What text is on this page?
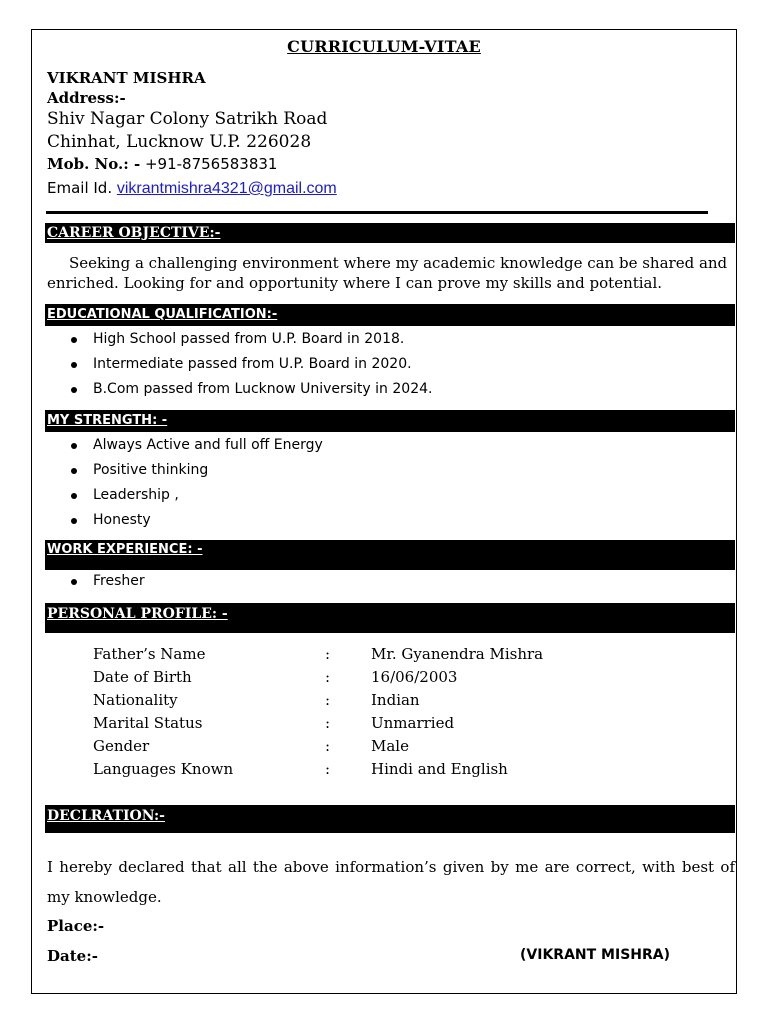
CURRICULUM-VITAE
VIKRANT MISHRA
Address:-
Shiv Nagar Colony Satrikh Road
Chinhat, Lucknow U.P. 226028
Mob. No.: - +91-8756583831
Email Id. vikrantmishra4321@gmail.com
CAREER OBJECTIVE:-
Seeking a challenging environment where my academic knowledge can be shared and enriched. Looking for and opportunity where I can prove my skills and potential.
EDUCATIONAL QUALIFICATION:-
High School passed from U.P. Board in 2018.
Intermediate passed from U.P. Board in 2020.
B.Com passed from Lucknow University in 2024.
MY STRENGTH: -
Always Active and full off Energy
Positive thinking
Leadership ,
Honesty
WORK EXPERIENCE: -
Fresher
PERSONAL PROFILE: -
Father’s Name	:	Mr. Gyanendra Mishra
Date of Birth	:	16/06/2003
Nationality	:	Indian
Marital Status	:	Unmarried
Gender	:	Male
Languages Known	:	Hindi and English
DECLRATION:-
I hereby declared that all the above information’s given by me are correct, with best of my knowledge.
Place:-
Date:-	(VIKRANT MISHRA)
